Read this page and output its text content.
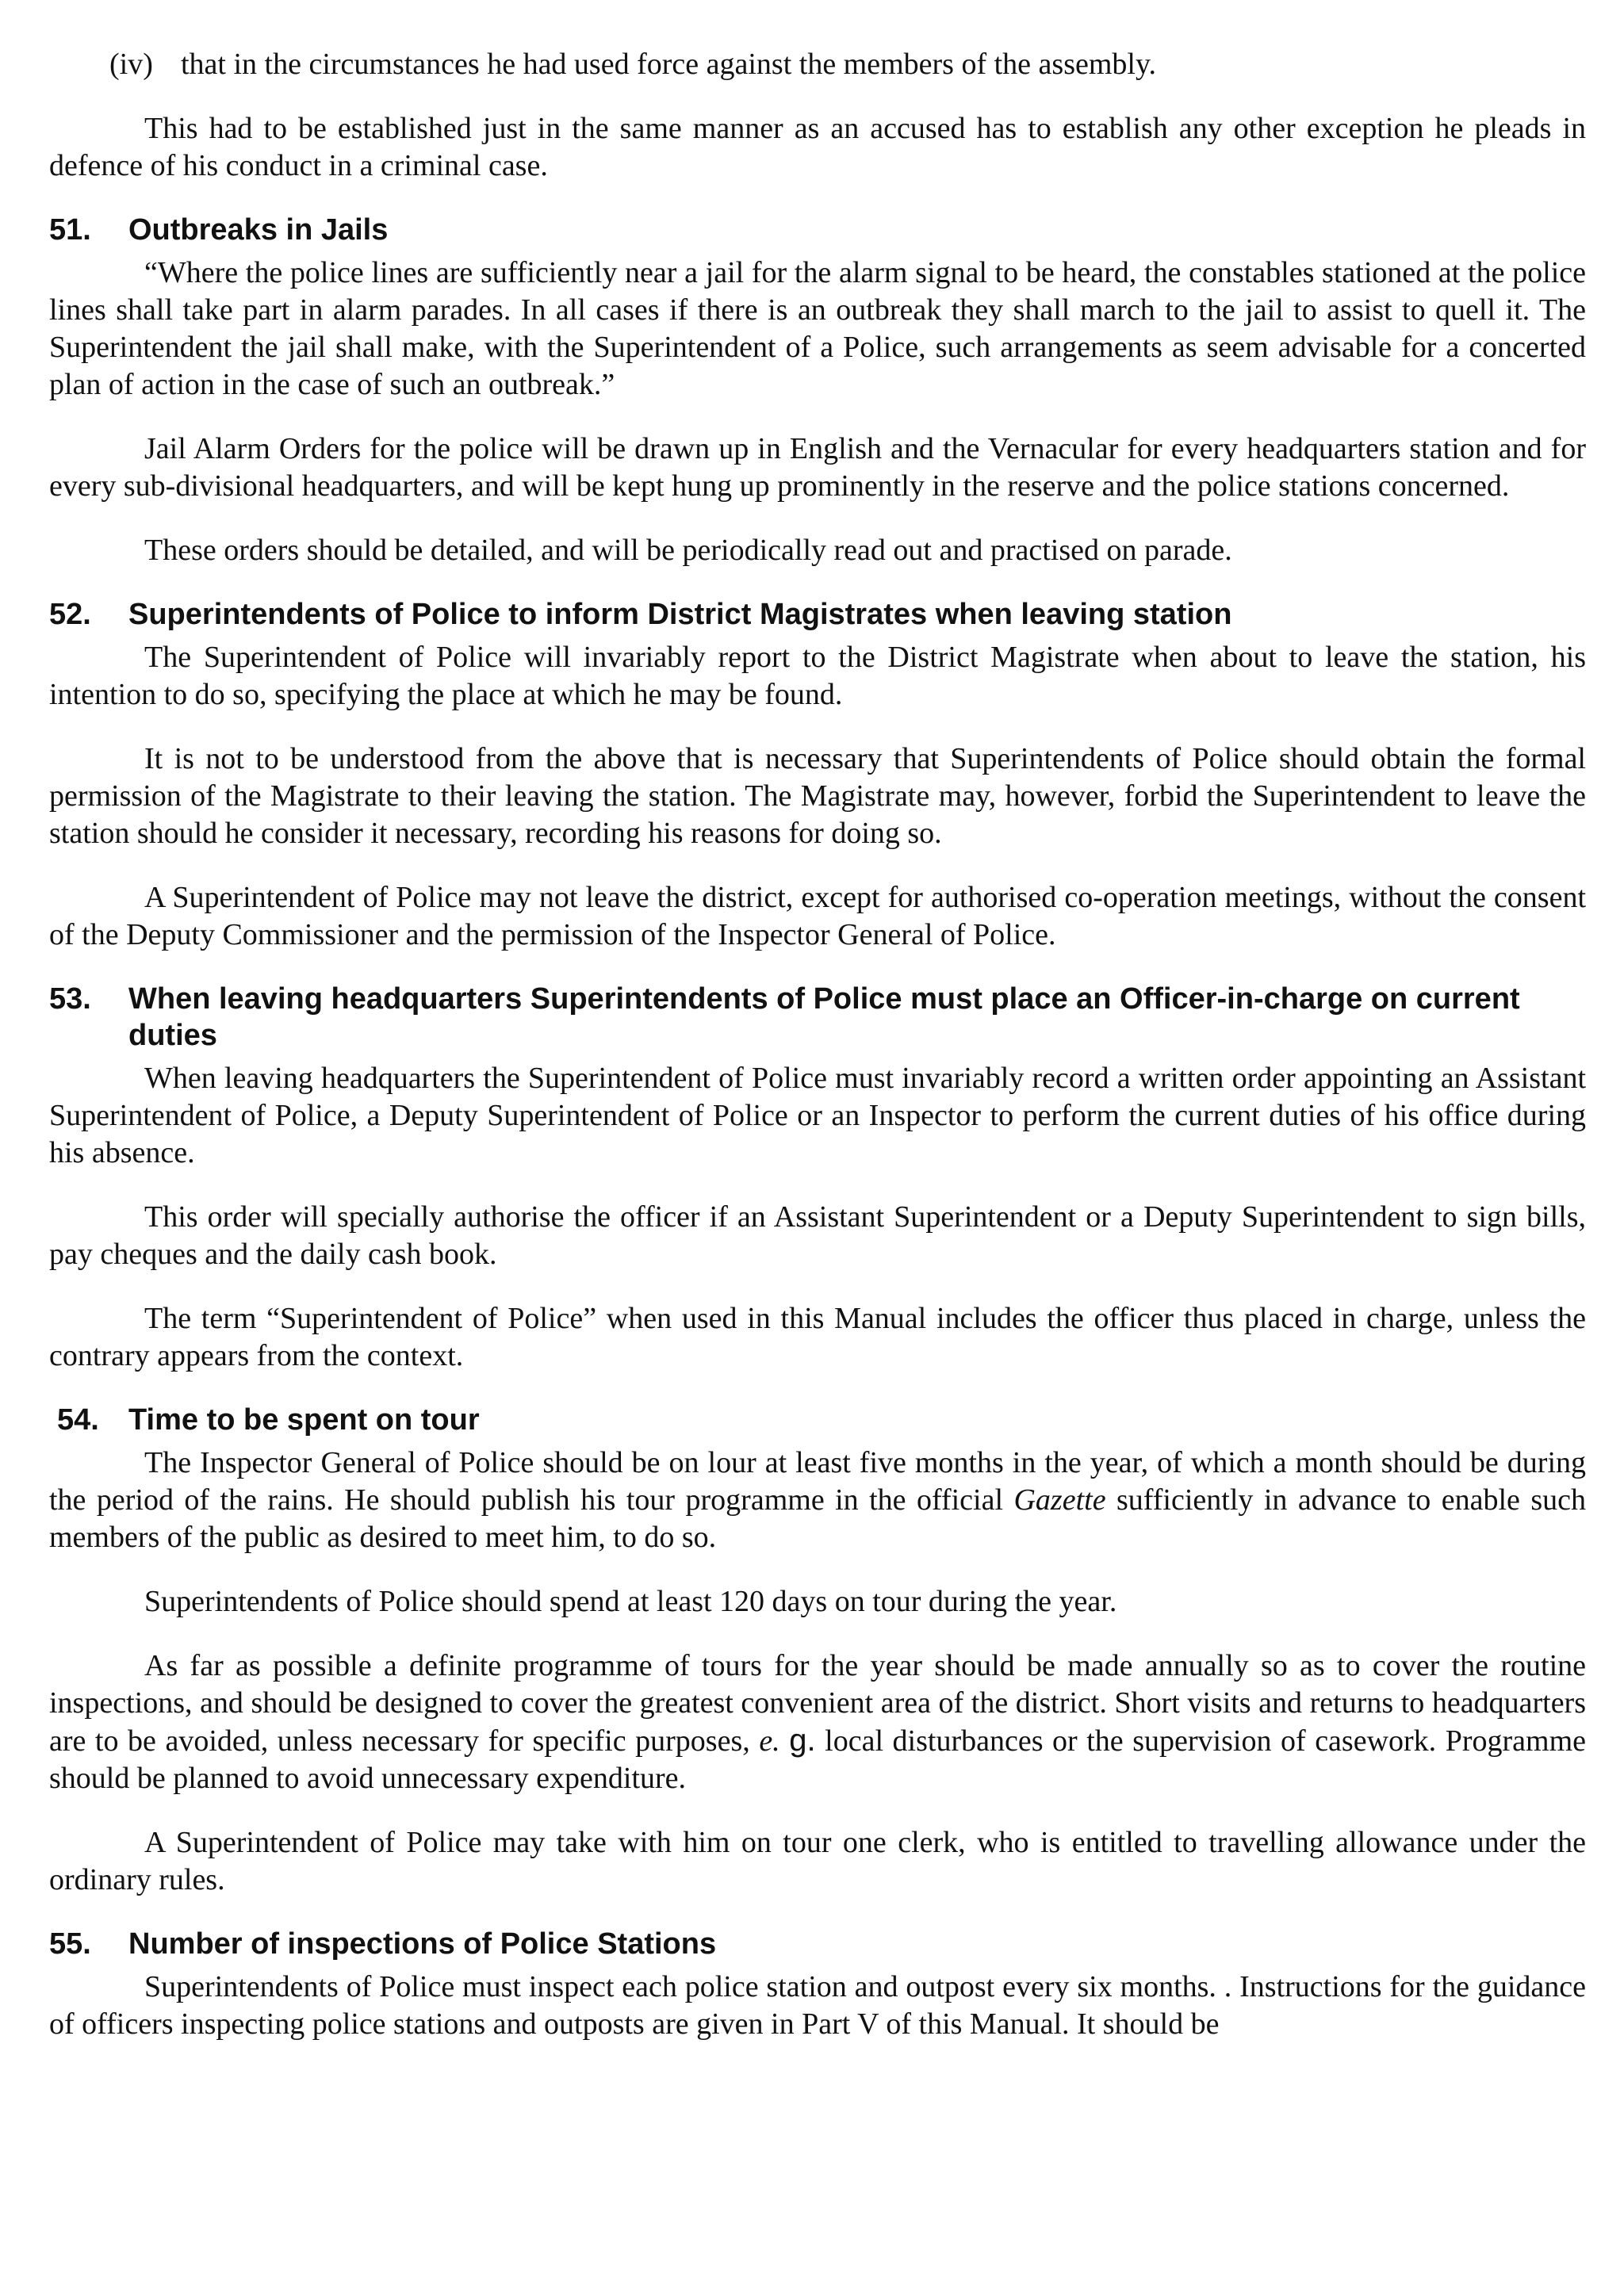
(iv) that in the circumstances he had used force against the members of the assembly.

This had to be established just in the same manner as an accused has to establish any other exception he pleads in defence of his conduct in a criminal case.

51. Outbreaks in Jails

“Where the police lines are sufficiently near a jail for the alarm signal to be heard, the constables stationed at the police lines shall take part in alarm parades. In all cases if there is an outbreak they shall march to the jail to assist to quell it. The Superintendent the jail shall make, with the Superintendent of a Police, such arrangements as seem advisable for a concerted plan of action in the case of such an outbreak.”

Jail Alarm Orders for the police will be drawn up in English and the Vernacular for every headquarters station and for every sub-divisional headquarters, and will be kept hung up prominently in the reserve and the police stations concerned.

These orders should be detailed, and will be periodically read out and practised on parade.

52. Superintendents of Police to inform District Magistrates when leaving station

The Superintendent of Police will invariably report to the District Magistrate when about to leave the station, his intention to do so, specifying the place at which he may be found.

It is not to be understood from the above that is necessary that Superintendents of Police should obtain the formal permission of the Magistrate to their leaving the station. The Magistrate may, however, forbid the Superintendent to leave the station should he consider it necessary, recording his reasons for doing so.

A Superintendent of Police may not leave the district, except for authorised co-operation meetings, without the consent of the Deputy Commissioner and the permission of the Inspector General of Police.

53. When leaving headquarters Superintendents of Police must place an Officer-in-charge on current duties

When leaving headquarters the Superintendent of Police must invariably record a written order appointing an Assistant Superintendent of Police, a Deputy Superintendent of Police or an Inspector to perform the current duties of his office during his absence.

This order will specially authorise the officer if an Assistant Superintendent or a Deputy Superintendent to sign bills, pay cheques and the daily cash book.

The term “Superintendent of Police” when used in this Manual includes the officer thus placed in charge, unless the contrary appears from the context.

54. Time to be spent on tour

The Inspector General of Police should be on lour at least five months in the year, of which a month should be during the period of the rains. He should publish his tour programme in the official Gazette sufficiently in advance to enable such members of the public as desired to meet him, to do so.

Superintendents of Police should spend at least 120 days on tour during the year.

As far as possible a definite programme of tours for the year should be made annually so as to cover the routine inspections, and should be designed to cover the greatest convenient area of the district. Short visits and returns to headquarters are to be avoided, unless necessary for specific purposes, e. g. local disturbances or the supervision of casework. Programme should be planned to avoid unnecessary expenditure.

A Superintendent of Police may take with him on tour one clerk, who is entitled to travelling allowance under the ordinary rules.

55. Number of inspections of Police Stations

Superintendents of Police must inspect each police station and outpost every six months. . Instructions for the guidance of officers inspecting police stations and outposts are given in Part V of this Manual. It should be
